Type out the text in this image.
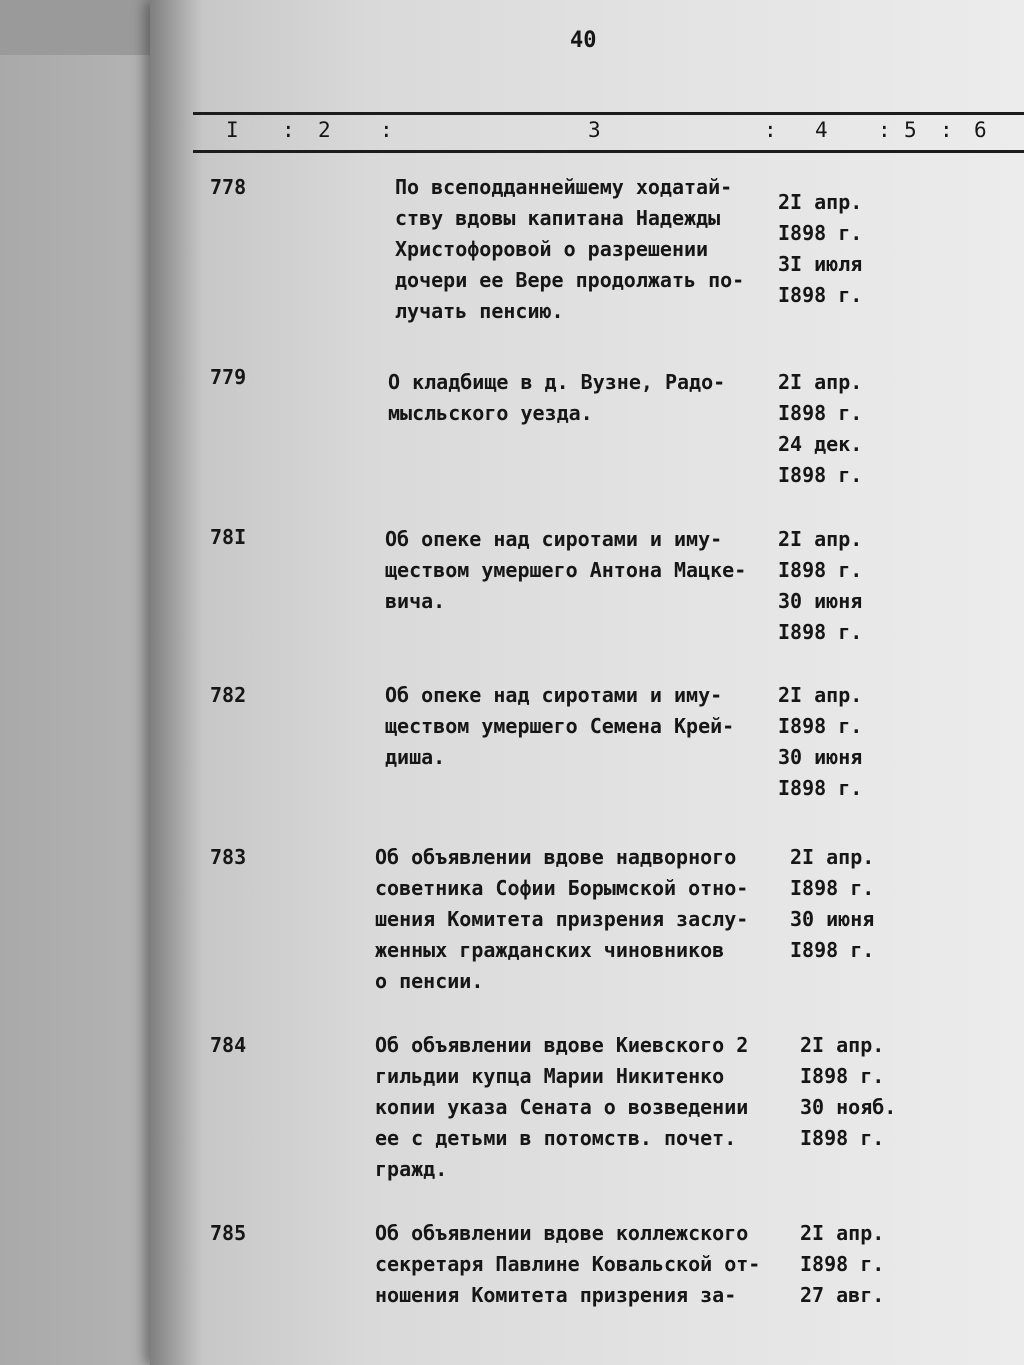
40
I : 2 :	3	: 4 : 5 : 6
778	По всеподданнейшему ходатай-
ству вдовы капитана Надежды
Христофоровой о разрешении
дочери ее Вере продолжать по-
лучать пенсию.
2I апр.
I898 г.
3I июля
I898 г.
779	О кладбище в д. Вузне, Радо-
мысльского уезда.
2I апр.
I898 г.
24 дек.
I898 г.
78I	Об опеке над сиротами и иму-
ществом умершего Антона Мацке-
вича.
2I апр.
I898 г.
30 июня
I898 г.
782	Об опеке над сиротами и иму-
ществом умершего Семена Крей-
диша.
2I апр.
I898 г.
30 июня
I898 г.
783	Об объявлении вдове надворного
советника Софии Борымской отно-
шения Комитета призрения заслу-
женных гражданских чиновников
о пенсии.
2I апр.
I898 г.
30 июня
I898 г.
784	Об объявлении вдове Киевского 2
гильдии купца Марии Никитенко
копии указа Сената о возведении
ее с детьми в потомств. почет.
гражд.
2I апр.
I898 г.
30 нояб.
I898 г.
785	Об объявлении вдове коллежского
секретаря Павлине Ковальской от-
ношения Комитета призрения за-
2I апр.
I898 г.
27 авг.
